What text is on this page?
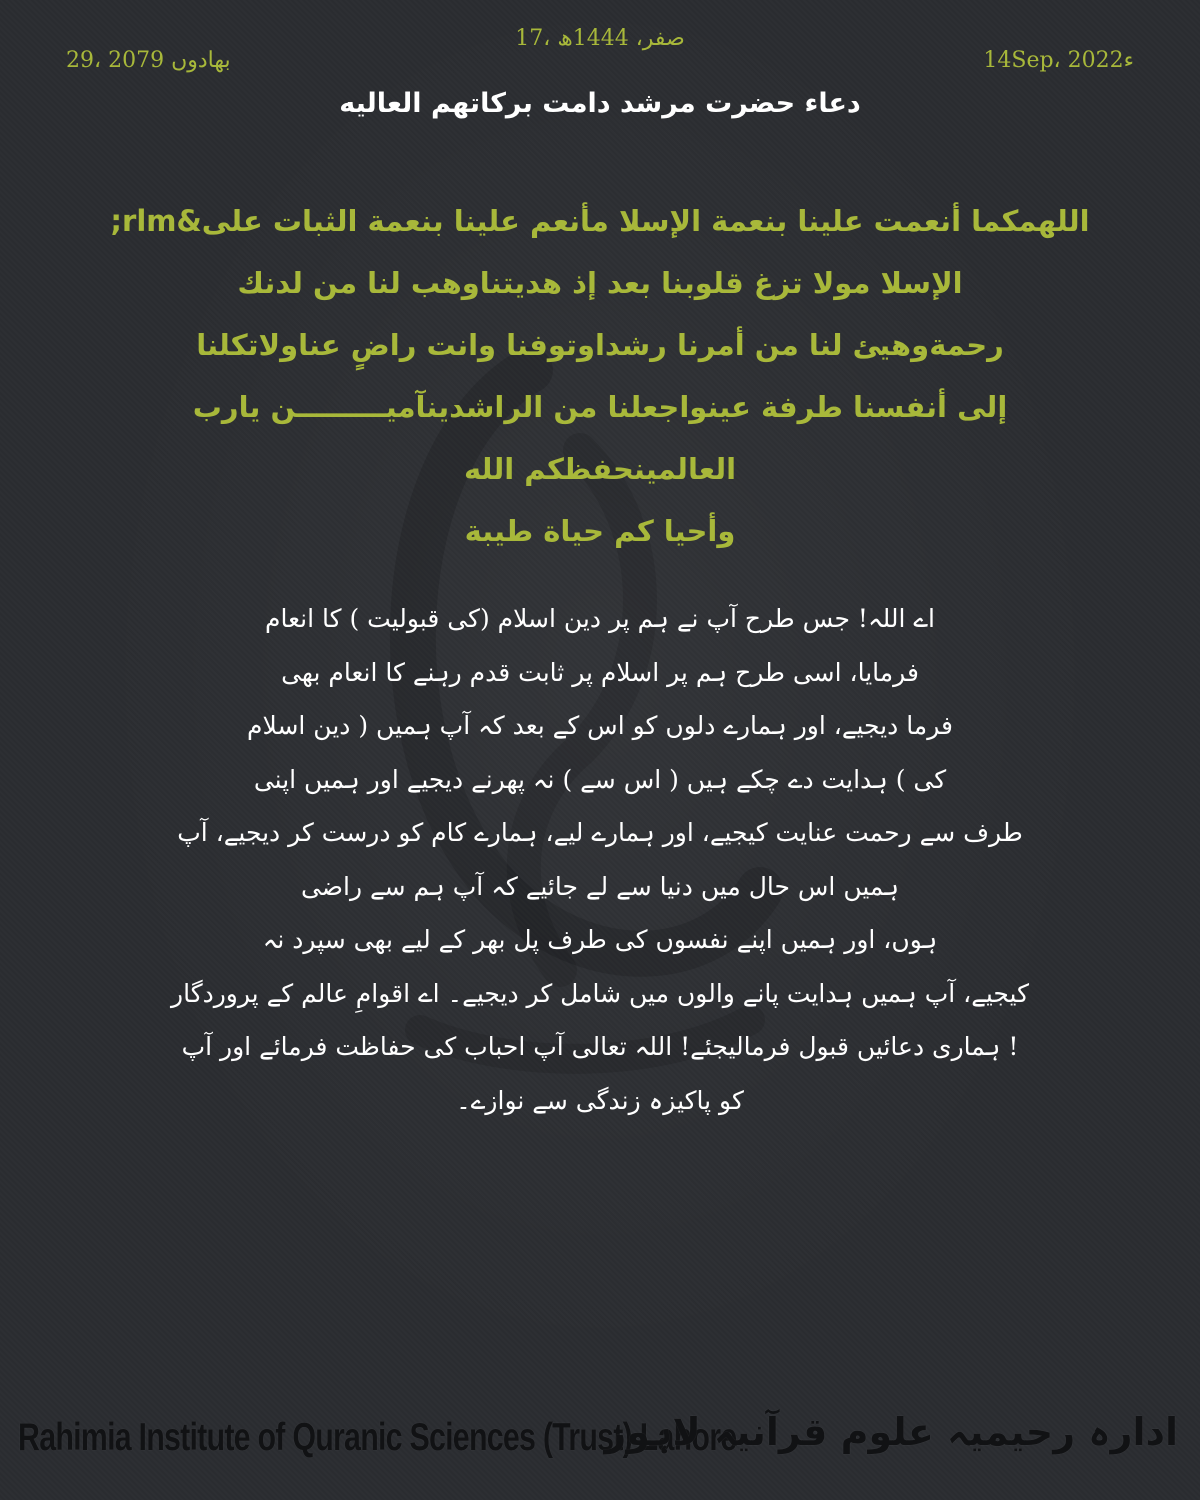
17، صفر، 1444ھ
29، بھادوں 2079	14Sep، 2022ء
دعاء حضرت مرشد دامت برکاتهم العالیه
اللهمکما أنعمت علینا بنعمة الإسلا مأنعم علینا بنعمة الثبات علی&rlm;
الإسلا مولا تزغ قلوبنا بعد إذ هدیتناوهب لنا من لدنك
رحمةوهیئ لنا من أمرنا رشداوتوفنا وانت راضٍ عناولاتکلنا
إلی أنفسنا طرفة عینواجعلنا من الراشدینآمیـــــــــن یارب العالمینحفظکم الله
وأحیا کم حیاة طیبة
اے اللہ! جس طرح آپ نے ہم پر دین اسلام (کی قبولیت ) کا انعام
فرمایا، اسی طرح ہم پر اسلام پر ثابت قدم رہنے کا انعام بھی
فرما دیجیے، اور ہمارے دلوں کو اس کے بعد کہ آپ ہمیں ( دین اسلام
کی ) ہدایت دے چکے ہیں ( اس سے ) نہ پھرنے دیجیے اور ہمیں اپنی
طرف سے رحمت عنایت کیجیے، اور ہمارے لیے، ہمارے کام کو درست کر دیجیے، آپ
ہمیں اس حال میں دنیا سے لے جائیے کہ آپ ہم سے راضی
ہوں، اور ہمیں اپنے نفسوں کی طرف پل بھر کے لیے بھی سپرد نہ
کیجیے، آپ ہمیں ہدایت پانے والوں میں شامل کر دیجیے۔ اے اقوامِ عالم کے پروردگار
! ہماری دعائیں قبول فرمالیجئے! اللہ تعالی آپ احباب کی حفاظت فرمائے اور آپ
کو پاکیزہ زندگی سے نوازے۔
Rahimia Institute of Quranic Sciences (Trust) Lahore
ادارہ رحیمیہ علوم قرآنیہ لاہور
